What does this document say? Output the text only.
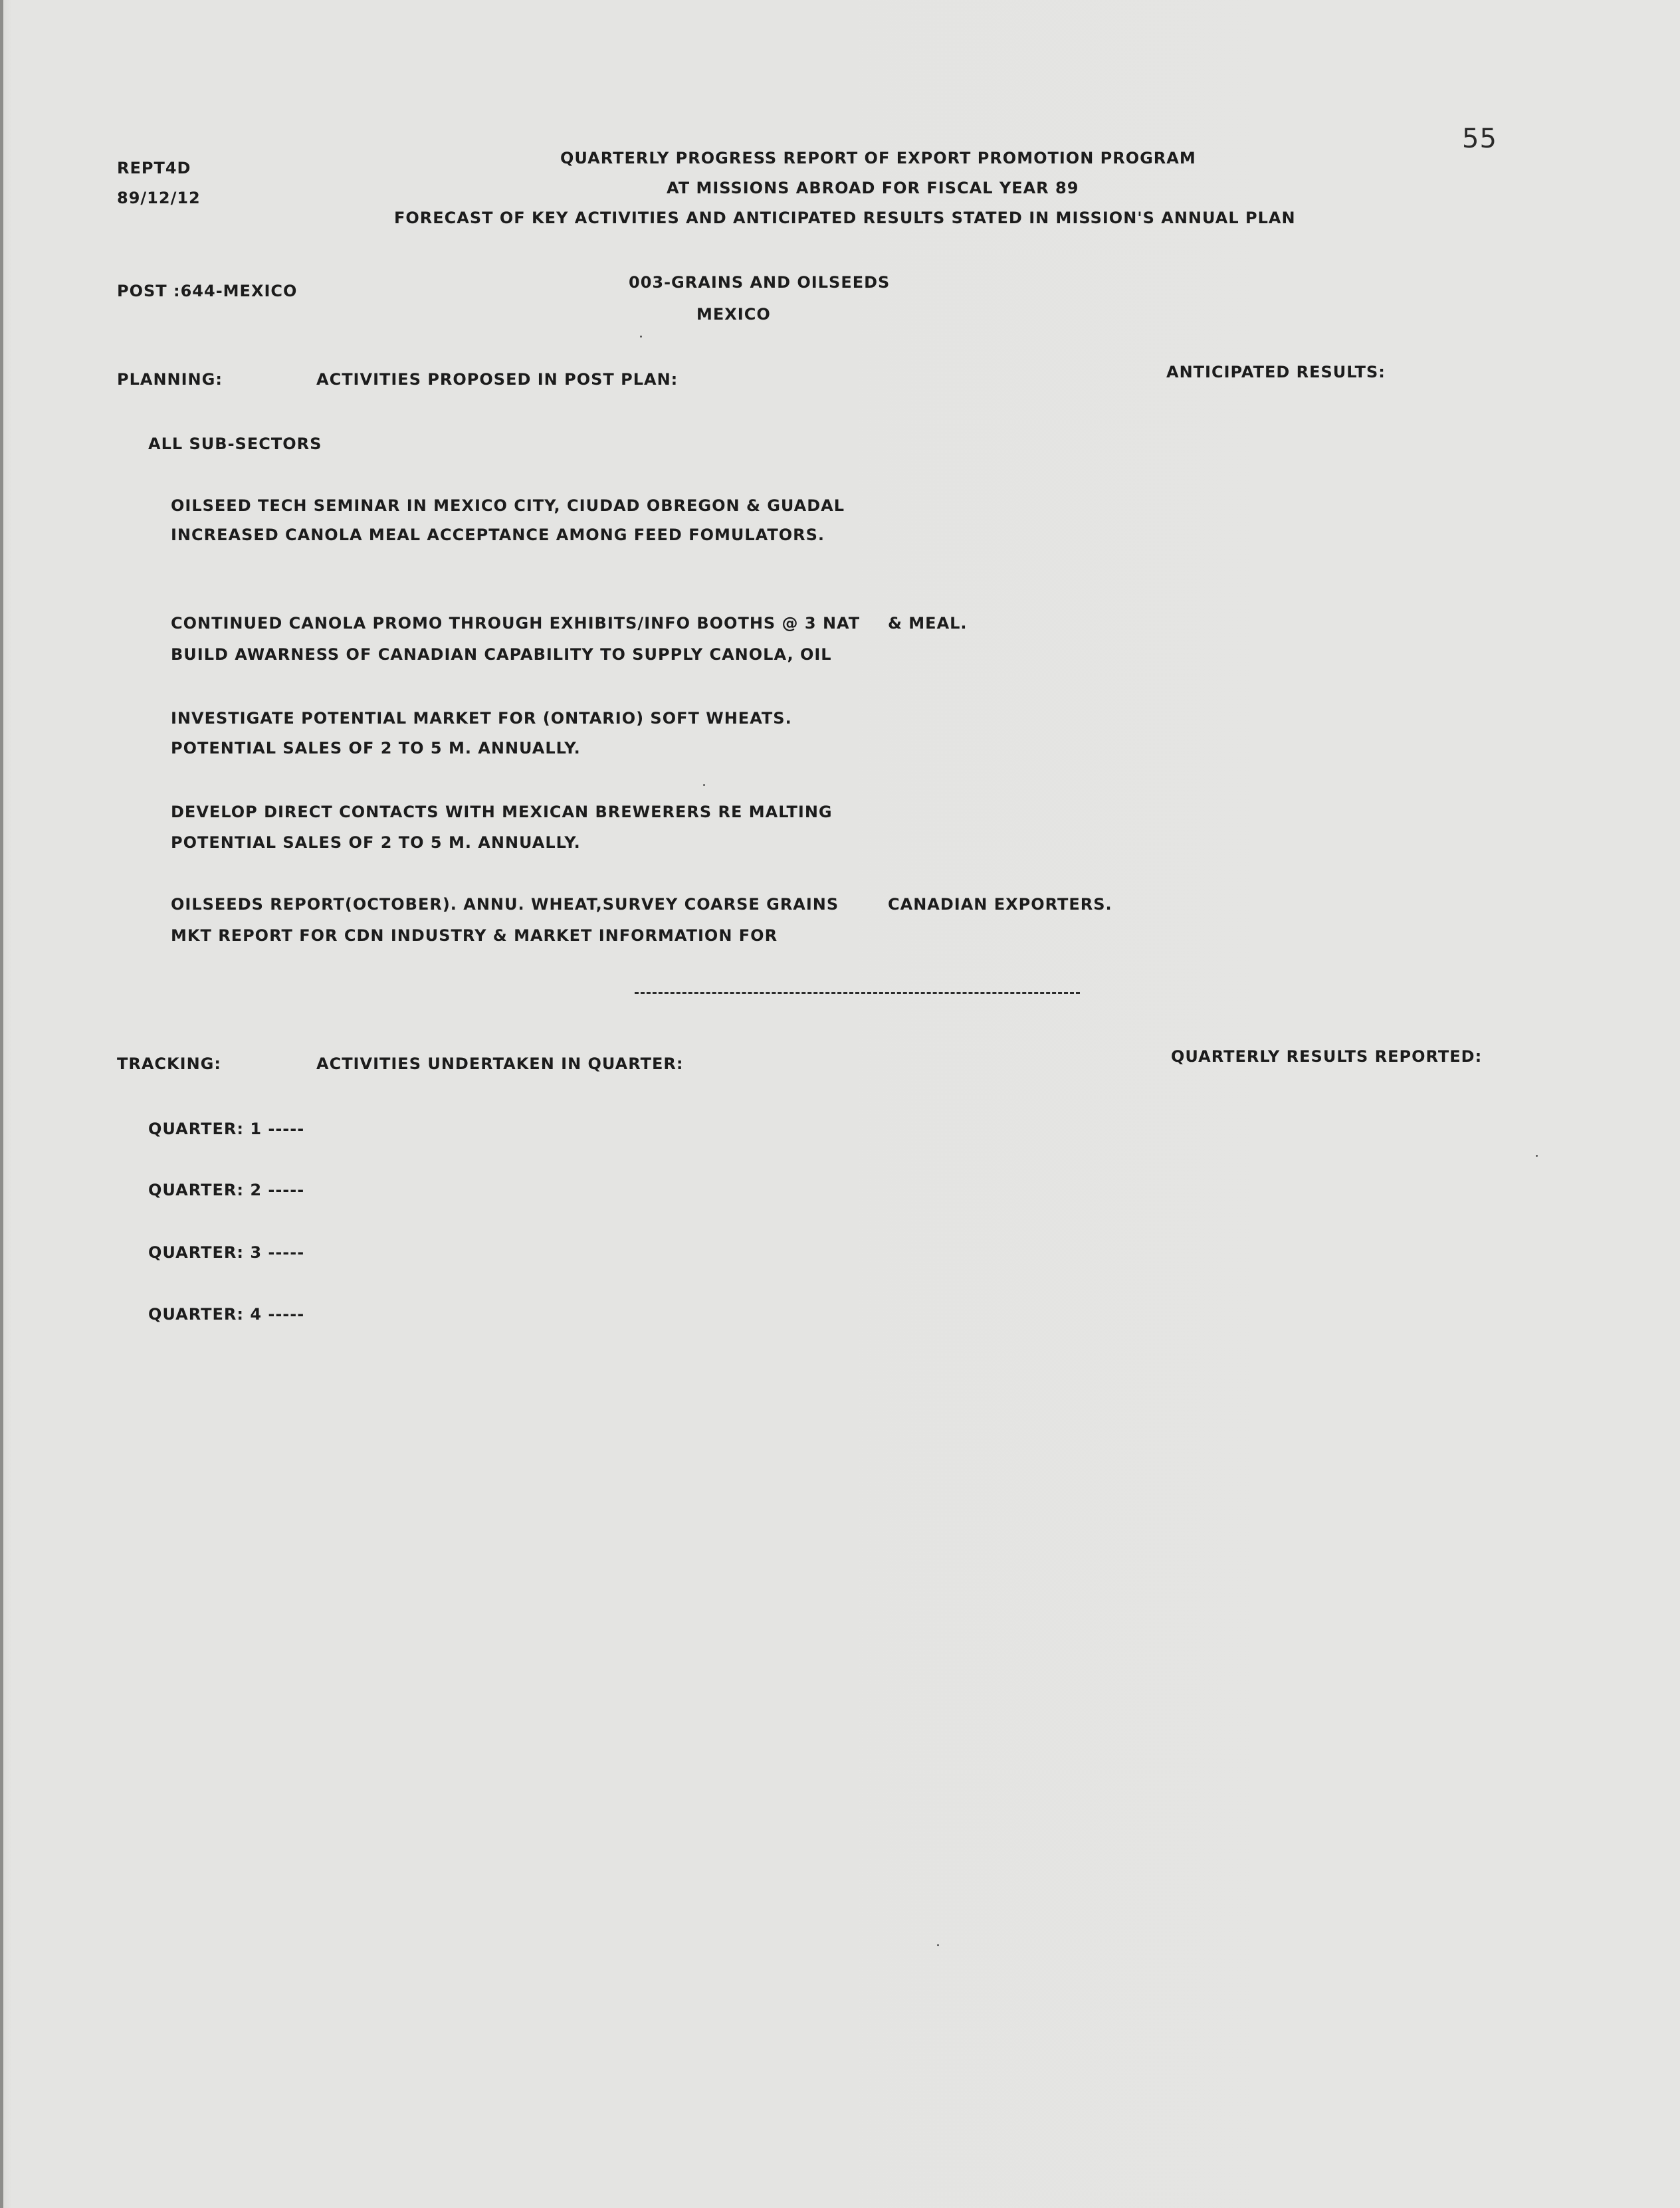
55
REPT4D
89/12/12
QUARTERLY PROGRESS REPORT OF EXPORT PROMOTION PROGRAM
AT MISSIONS ABROAD FOR FISCAL YEAR 89
FORECAST OF KEY ACTIVITIES AND ANTICIPATED RESULTS STATED IN MISSION'S ANNUAL PLAN
POST :644-MEXICO	003-GRAINS AND OILSEEDS
MEXICO
PLANNING:	ACTIVITIES PROPOSED IN POST PLAN:	ANTICIPATED RESULTS:
ALL SUB-SECTORS
OILSEED TECH SEMINAR IN MEXICO CITY, CIUDAD OBREGON & GUADAL
INCREASED CANOLA MEAL ACCEPTANCE AMONG FEED FOMULATORS.
CONTINUED CANOLA PROMO THROUGH EXHIBITS/INFO BOOTHS @ 3 NAT
BUILD AWARNESS OF CANADIAN CAPABILITY TO SUPPLY CANOLA, OIL
& MEAL.
INVESTIGATE POTENTIAL MARKET FOR (ONTARIO) SOFT WHEATS.
POTENTIAL SALES OF 2 TO 5 M. ANNUALLY.
DEVELOP DIRECT CONTACTS WITH MEXICAN BREWERERS RE MALTING
POTENTIAL SALES OF 2 TO 5 M. ANNUALLY.
OILSEEDS REPORT(OCTOBER). ANNU. WHEAT,SURVEY COARSE GRAINS
MKT REPORT FOR CDN INDUSTRY & MARKET INFORMATION FOR
CANADIAN EXPORTERS.
TRACKING:	ACTIVITIES UNDERTAKEN IN QUARTER:	QUARTERLY RESULTS REPORTED:
QUARTER: 1 -----
QUARTER: 2 -----
QUARTER: 3 -----
QUARTER: 4 -----
